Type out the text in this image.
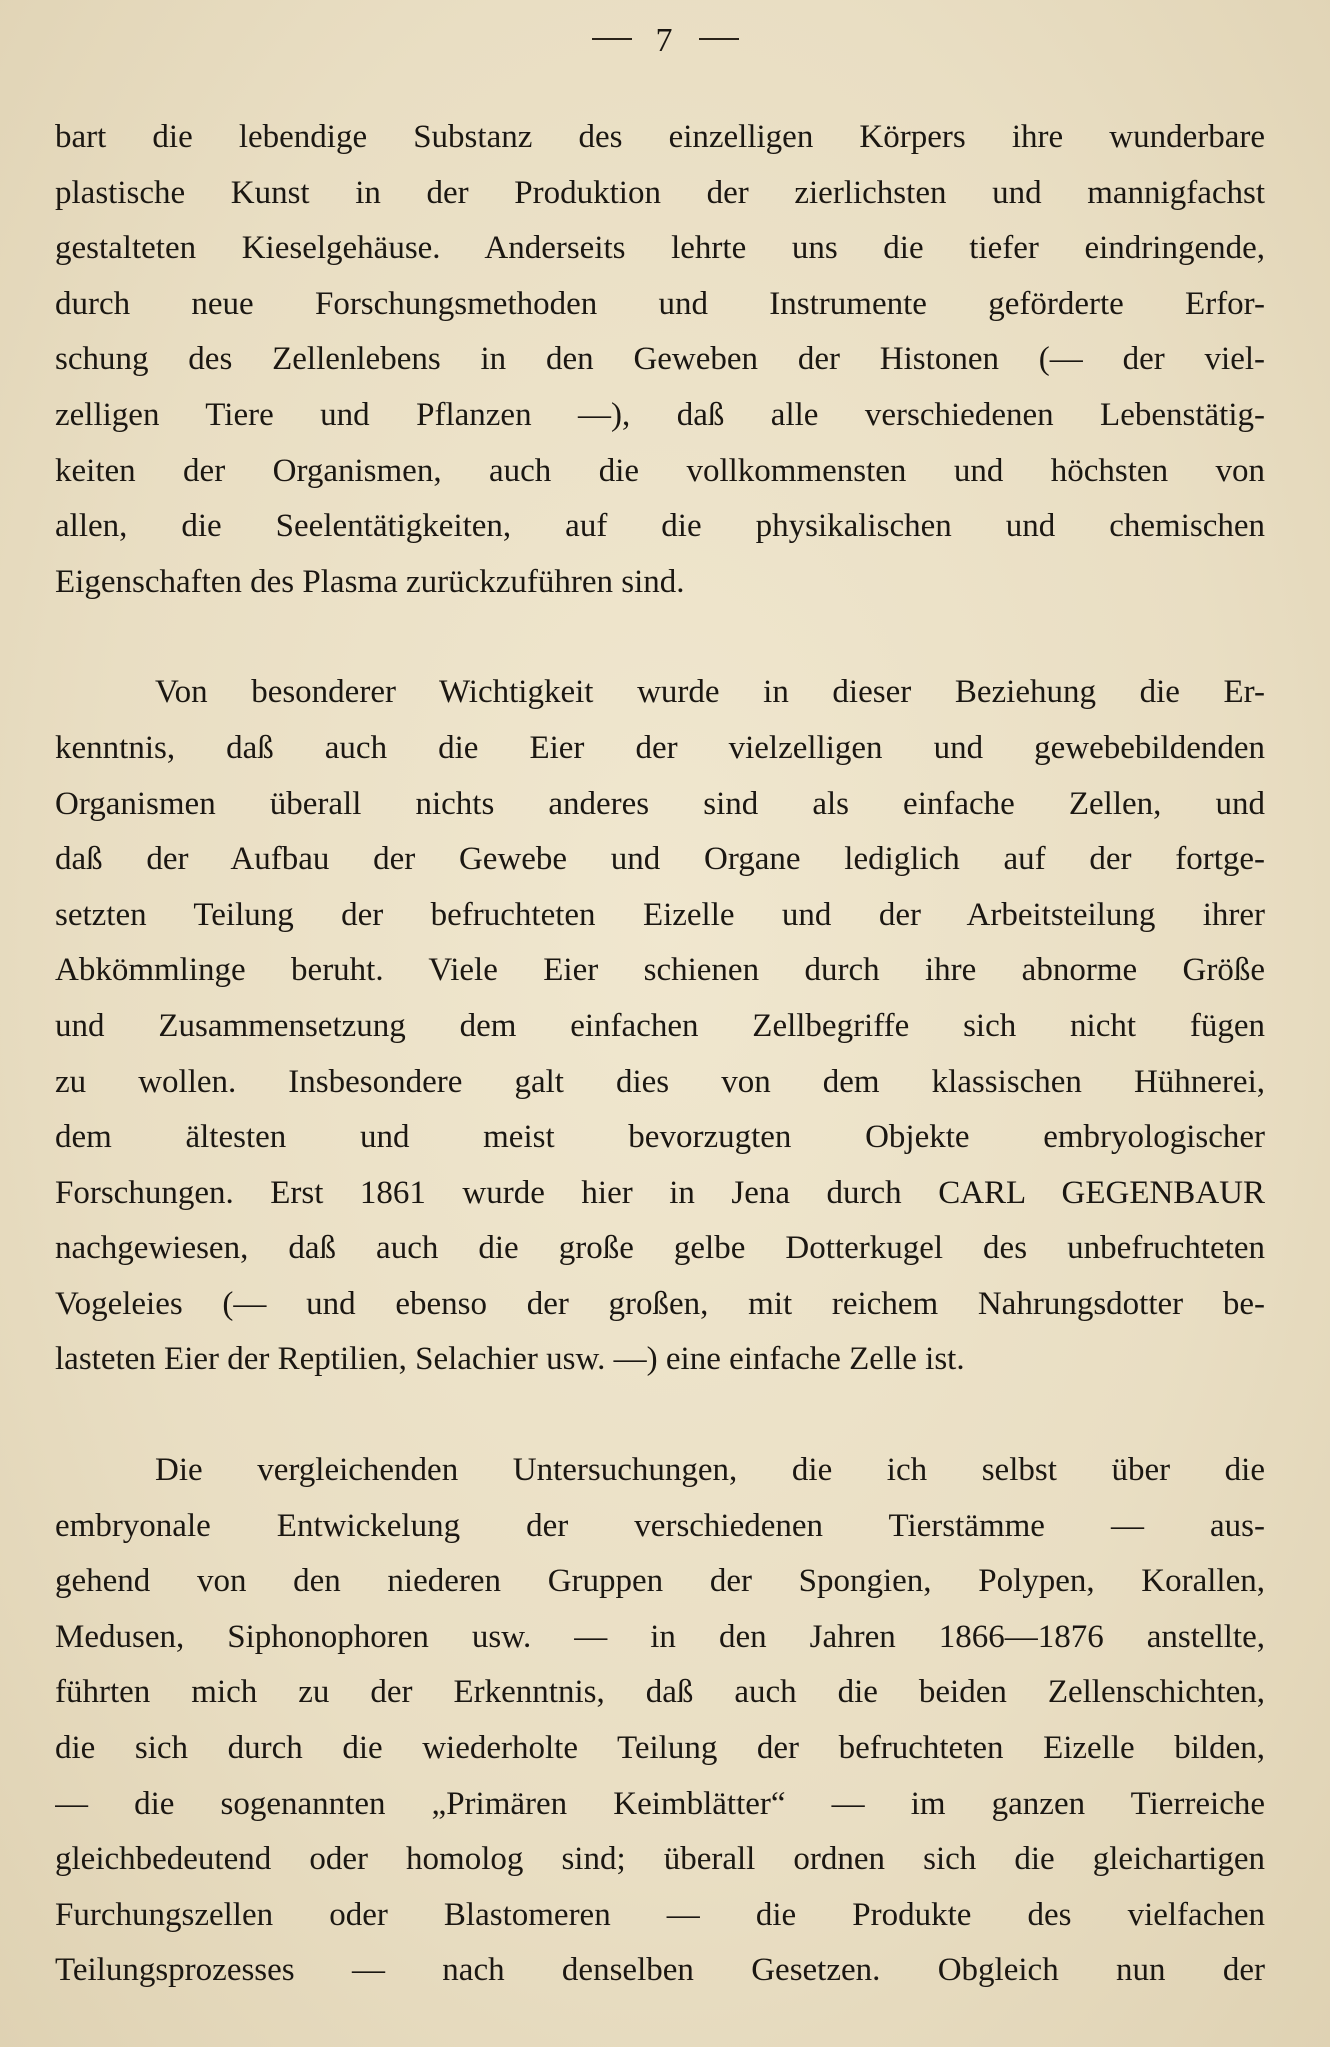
7
bart die lebendige Substanz des einzelligen Körpers ihre wunderbare
plastische Kunst in der Produktion der zierlichsten und mannigfachst
gestalteten Kieselgehäuse. Anderseits lehrte uns die tiefer eindringende,
durch neue Forschungsmethoden und Instrumente geförderte Erfor-
schung des Zellenlebens in den Geweben der Histonen (— der viel-
zelligen Tiere und Pflanzen —), daß alle verschiedenen Lebenstätig-
keiten der Organismen, auch die vollkommensten und höchsten von
allen, die Seelentätigkeiten, auf die physikalischen und chemischen
Eigenschaften des Plasma zurückzuführen sind.
Von besonderer Wichtigkeit wurde in dieser Beziehung die Er-
kenntnis, daß auch die Eier der vielzelligen und gewebebildenden
Organismen überall nichts anderes sind als einfache Zellen, und
daß der Aufbau der Gewebe und Organe lediglich auf der fortge-
setzten Teilung der befruchteten Eizelle und der Arbeitsteilung ihrer
Abkömmlinge beruht. Viele Eier schienen durch ihre abnorme Größe
und Zusammensetzung dem einfachen Zellbegriffe sich nicht fügen
zu wollen. Insbesondere galt dies von dem klassischen Hühnerei,
dem ältesten und meist bevorzugten Objekte embryologischer
Forschungen. Erst 1861 wurde hier in Jena durch CARL GEGENBAUR
nachgewiesen, daß auch die große gelbe Dotterkugel des unbefruchteten
Vogeleies (— und ebenso der großen, mit reichem Nahrungsdotter be-
lasteten Eier der Reptilien, Selachier usw. —) eine einfache Zelle ist.
Die vergleichenden Untersuchungen, die ich selbst über die
embryonale Entwickelung der verschiedenen Tierstämme — aus-
gehend von den niederen Gruppen der Spongien, Polypen, Korallen,
Medusen, Siphonophoren usw. — in den Jahren 1866—1876 anstellte,
führten mich zu der Erkenntnis, daß auch die beiden Zellenschichten,
die sich durch die wiederholte Teilung der befruchteten Eizelle bilden,
— die sogenannten „Primären Keimblätter“ — im ganzen Tierreiche
gleichbedeutend oder homolog sind; überall ordnen sich die gleichartigen
Furchungszellen oder Blastomeren — die Produkte des vielfachen
Teilungsprozesses — nach denselben Gesetzen. Obgleich nun der
